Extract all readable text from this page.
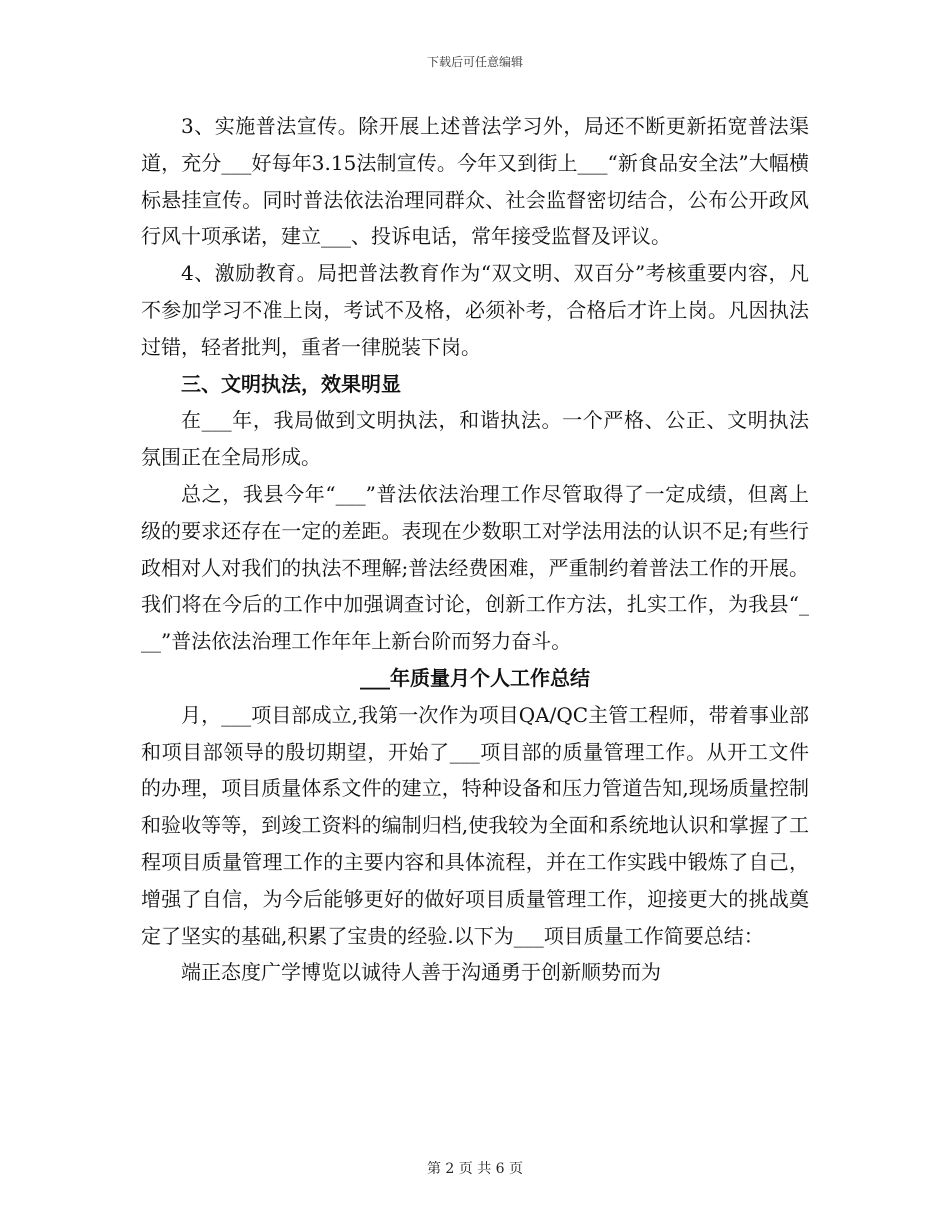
下载后可任意编辑

3、实施普法宣传。除开展上述普法学习外，局还不断更新拓宽普法渠道，充分___好每年3.15法制宣传。今年又到街上___“新食品安全法”大幅横标悬挂宣传。同时普法依法治理同群众、社会监督密切结合，公布公开政风行风十项承诺，建立___、投诉电话，常年接受监督及评议。

4、激励教育。局把普法教育作为“双文明、双百分”考核重要内容，凡不参加学习不准上岗，考试不及格，必须补考，合格后才许上岗。凡因执法过错，轻者批判，重者一律脱装下岗。

三、文明执法，效果明显

在___年，我局做到文明执法，和谐执法。一个严格、公正、文明执法氛围正在全局形成。

总之，我县今年“___”普法依法治理工作尽管取得了一定成绩，但离上级的要求还存在一定的差距。表现在少数职工对学法用法的认识不足;有些行政相对人对我们的执法不理解;普法经费困难，严重制约着普法工作的开展。我们将在今后的工作中加强调查讨论，创新工作方法，扎实工作，为我县“___”普法依法治理工作年年上新台阶而努力奋斗。

___年质量月个人工作总结

月，___项目部成立,我第一次作为项目QA/QC主管工程师，带着事业部和项目部领导的殷切期望，开始了___项目部的质量管理工作。从开工文件的办理，项目质量体系文件的建立，特种设备和压力管道告知,现场质量控制和验收等等，到竣工资料的编制归档,使我较为全面和系统地认识和掌握了工程项目质量管理工作的主要内容和具体流程，并在工作实践中锻炼了自己，增强了自信，为今后能够更好的做好项目质量管理工作，迎接更大的挑战奠定了坚实的基础,积累了宝贵的经验.以下为___项目质量工作简要总结：

端正态度广学博览以诚待人善于沟通勇于创新顺势而为

第 2 页 共 6 页
